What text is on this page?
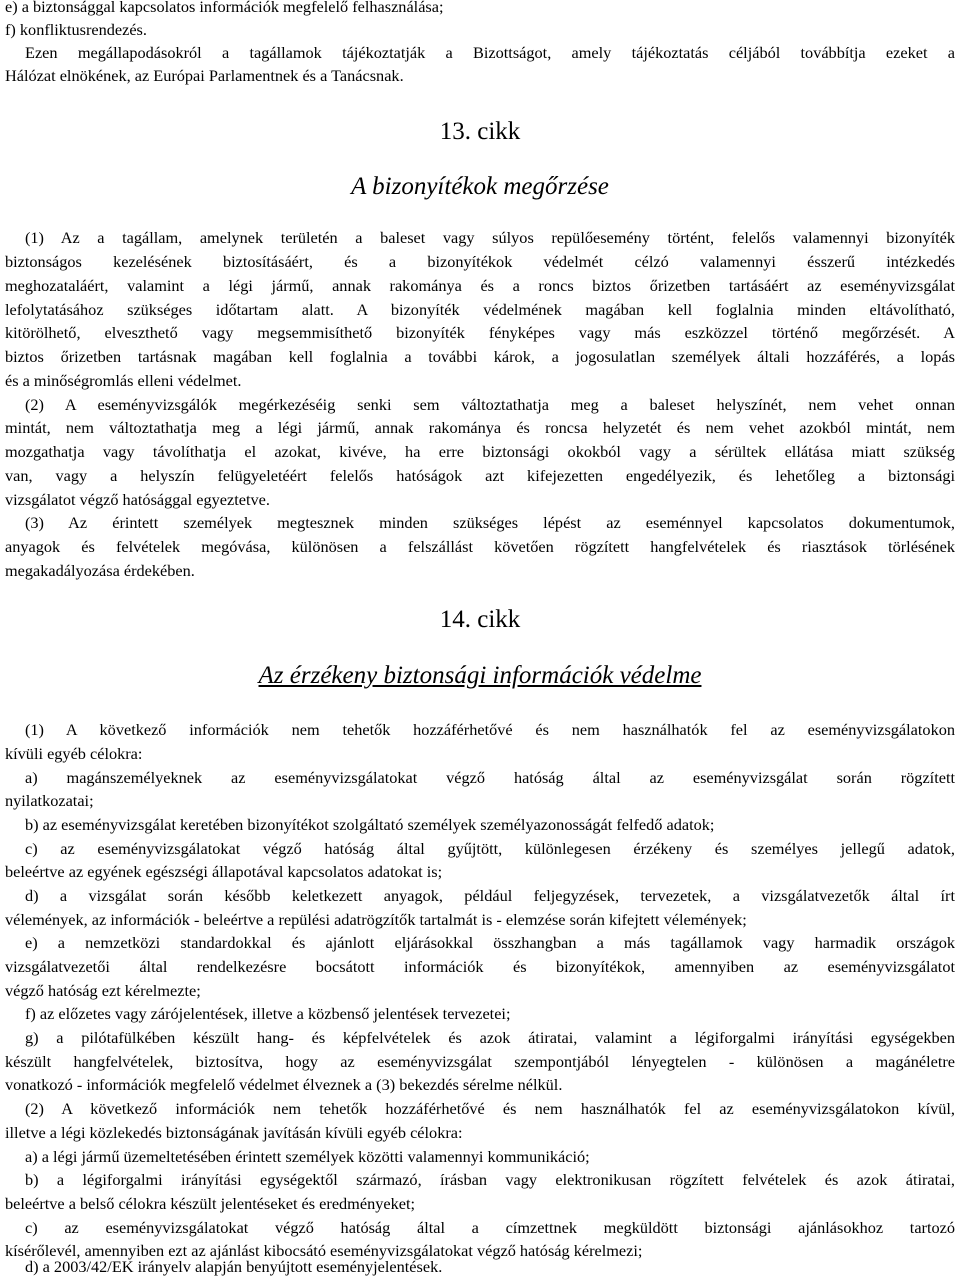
e) a biztonsággal kapcsolatos információk megfelelő felhasználása;
f) konfliktusrendezés.
Ezen megállapodásokról a tagállamok tájékoztatják a Bizottságot, amely tájékoztatás céljából továbbítja ezeket a
Hálózat elnökének, az Európai Parlamentnek és a Tanácsnak.
13. cikk
A bizonyítékok megőrzése
(1) Az a tagállam, amelynek területén a baleset vagy súlyos repülőesemény történt, felelős valamennyi bizonyíték
biztonságos kezelésének biztosításáért, és a bizonyítékok védelmét célzó valamennyi ésszerű intézkedés
meghozataláért, valamint a légi jármű, annak rakománya és a roncs biztos őrizetben tartásáért az eseményvizsgálat
lefolytatásához szükséges időtartam alatt. A bizonyíték védelmének magában kell foglalnia minden eltávolítható,
kitörölhető, elveszthető vagy megsemmisíthető bizonyíték fényképes vagy más eszközzel történő megőrzését. A
biztos őrizetben tartásnak magában kell foglalnia a további károk, a jogosulatlan személyek általi hozzáférés, a lopás
és a minőségromlás elleni védelmet.
(2) A eseményvizsgálók megérkezéséig senki sem változtathatja meg a baleset helyszínét, nem vehet onnan
mintát, nem változtathatja meg a légi jármű, annak rakománya és roncsa helyzetét és nem vehet azokból mintát, nem
mozgathatja vagy távolíthatja el azokat, kivéve, ha erre biztonsági okokból vagy a sérültek ellátása miatt szükség
van, vagy a helyszín felügyeletéért felelős hatóságok azt kifejezetten engedélyezik, és lehetőleg a biztonsági
vizsgálatot végző hatósággal egyeztetve.
(3) Az érintett személyek megtesznek minden szükséges lépést az eseménnyel kapcsolatos dokumentumok,
anyagok és felvételek megóvása, különösen a felszállást követően rögzített hangfelvételek és riasztások törlésének
megakadályozása érdekében.
14. cikk
Az érzékeny biztonsági információk védelme
(1) A következő információk nem tehetők hozzáférhetővé és nem használhatók fel az eseményvizsgálatokon
kívüli egyéb célokra:
a) magánszemélyeknek az eseményvizsgálatokat végző hatóság által az eseményvizsgálat során rögzített
nyilatkozatai;
b) az eseményvizsgálat keretében bizonyítékot szolgáltató személyek személyazonosságát felfedő adatok;
c) az eseményvizsgálatokat végző hatóság által gyűjtött, különlegesen érzékeny és személyes jellegű adatok,
beleértve az egyének egészségi állapotával kapcsolatos adatokat is;
d) a vizsgálat során később keletkezett anyagok, például feljegyzések, tervezetek, a vizsgálatvezetők által írt
vélemények, az információk - beleértve a repülési adatrögzítők tartalmát is - elemzése során kifejtett vélemények;
e) a nemzetközi standardokkal és ajánlott eljárásokkal összhangban a más tagállamok vagy harmadik országok
vizsgálatvezetői által rendelkezésre bocsátott információk és bizonyítékok, amennyiben az eseményvizsgálatot
végző hatóság ezt kérelmezte;
f) az előzetes vagy zárójelentések, illetve a közbenső jelentések tervezetei;
g) a pilótafülkében készült hang- és képfelvételek és azok átiratai, valamint a légiforgalmi irányítási egységekben
készült hangfelvételek, biztosítva, hogy az eseményvizsgálat szempontjából lényegtelen - különösen a magánéletre
vonatkozó - információk megfelelő védelmet élveznek a (3) bekezdés sérelme nélkül.
(2) A következő információk nem tehetők hozzáférhetővé és nem használhatók fel az eseményvizsgálatokon kívül,
illetve a légi közlekedés biztonságának javításán kívüli egyéb célokra:
a) a légi jármű üzemeltetésében érintett személyek közötti valamennyi kommunikáció;
b) a légiforgalmi irányítási egységektől származó, írásban vagy elektronikusan rögzített felvételek és azok átiratai,
beleértve a belső célokra készült jelentéseket és eredményeket;
c) az eseményvizsgálatokat végző hatóság által a címzettnek megküldött biztonsági ajánlásokhoz tartozó
kísérőlevél, amennyiben ezt az ajánlást kibocsátó eseményvizsgálatokat végző hatóság kérelmezi;
d) a 2003/42/EK irányelv alapján benyújtott eseményjelentések.
